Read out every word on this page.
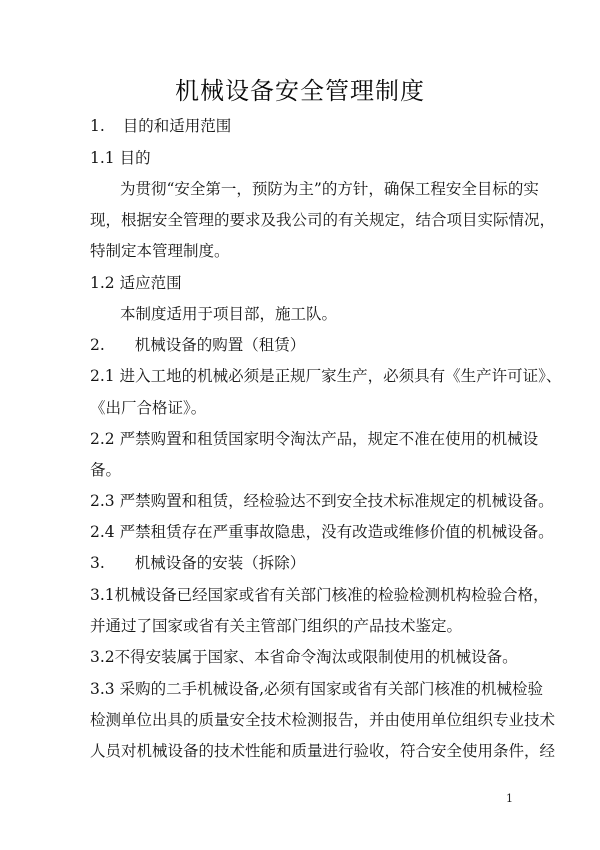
机械设备安全管理制度
1. 目的和适用范围
1.1 目的
为贯彻“安全第一，预防为主”的方针，确保工程安全目标的实
现，根据安全管理的要求及我公司的有关规定，结合项目实际情况，
特制定本管理制度。
1.2 适应范围
本制度适用于项目部，施工队。
2. 机械设备的购置（租赁）
2.1 进入工地的机械必须是正规厂家生产，必须具有《生产许可证》、
《出厂合格证》。
2.2 严禁购置和租赁国家明令淘汰产品，规定不准在使用的机械设
备。
2.3 严禁购置和租赁，经检验达不到安全技术标准规定的机械设备。
2.4 严禁租赁存在严重事故隐患，没有改造或维修价值的机械设备。
3. 机械设备的安装（拆除）
3.1机械设备已经国家或省有关部门核准的检验检测机构检验合格，
并通过了国家或省有关主管部门组织的产品技术鉴定。
3.2不得安装属于国家、本省命令淘汰或限制使用的机械设备。
3.3 采购的二手机械设备,必须有国家或省有关部门核准的机械检验
检测单位出具的质量安全技术检测报告，并由使用单位组织专业技术
人员对机械设备的技术性能和质量进行验收，符合安全使用条件，经
1
